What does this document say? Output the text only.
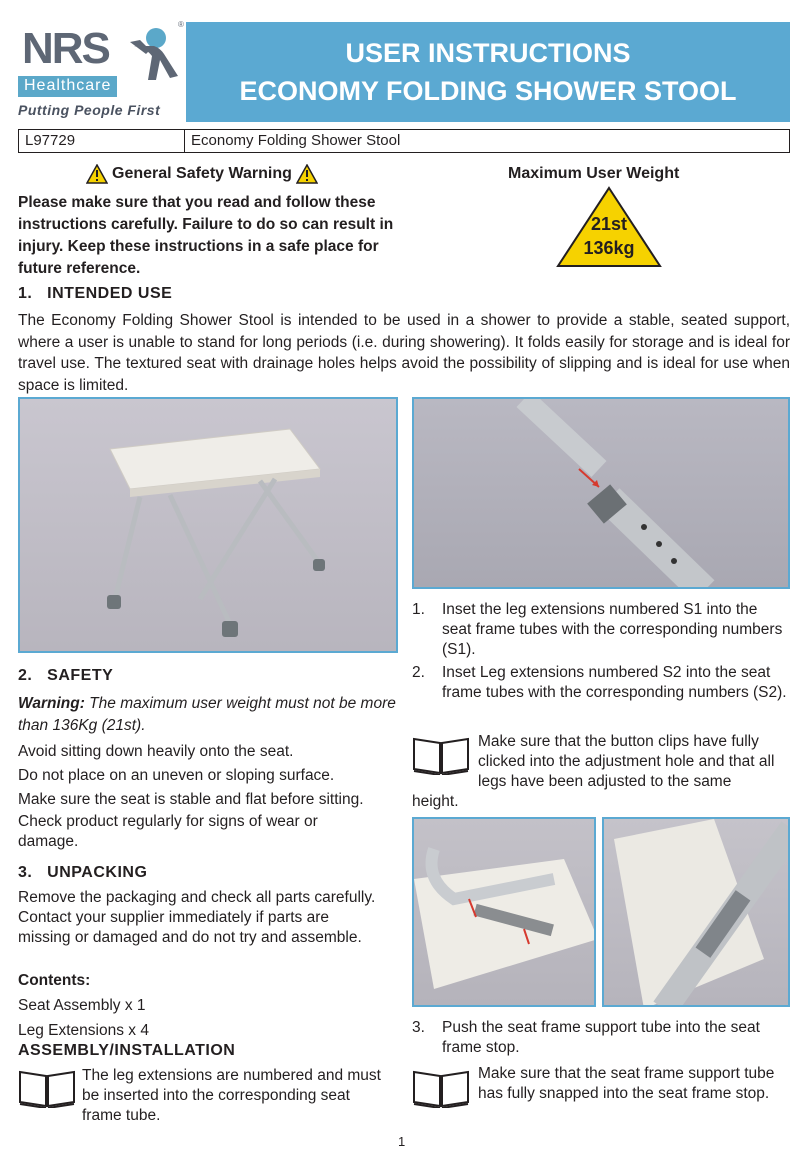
NRS	®
Healthcare
Putting People First
USER INSTRUCTIONS
ECONOMY FOLDING SHOWER STOOL
L97729	Economy Folding Shower Stool
General Safety Warning
Please make sure that you read and follow these instructions carefully. Failure to do so can result in injury. Keep these instructions in a safe place for future reference.
Maximum User Weight
21st
136kg
1.   INTENDED USE
The Economy Folding Shower Stool is intended to be used in a shower to provide a stable, seated support, where a user is unable to stand for long periods (i.e. during showering). It folds easily for storage and is ideal for travel use. The textured seat with drainage holes helps avoid the possibility of slipping and is ideal for use when space is limited.
1.	Inset the leg extensions numbered S1 into the seat frame tubes with the corresponding numbers (S1).
2.	Inset Leg extensions numbered S2 into the seat frame tubes with the corresponding numbers (S2).
Make sure that the button clips have fully clicked into the adjustment hole and that all legs have been adjusted to the same
height.
2.   SAFETY
Warning: The maximum user weight must not be more than 136Kg (21st).
Avoid sitting down heavily onto the seat.
Do not place on an uneven or sloping surface.
Make sure the seat is stable and flat before sitting.
Check product regularly for signs of wear or damage.
3.   UNPACKING
Remove the packaging and check all parts carefully. Contact your supplier immediately if parts are missing or damaged and do not try and assemble.
Contents:
Seat Assembly x 1
Leg Extensions x 4
ASSEMBLY/INSTALLATION
The leg extensions are numbered and must be inserted into the corresponding seat frame tube.
3.	Push the seat frame support tube into the seat frame stop.
Make sure that the seat frame support tube has fully snapped into the seat frame stop.
1
